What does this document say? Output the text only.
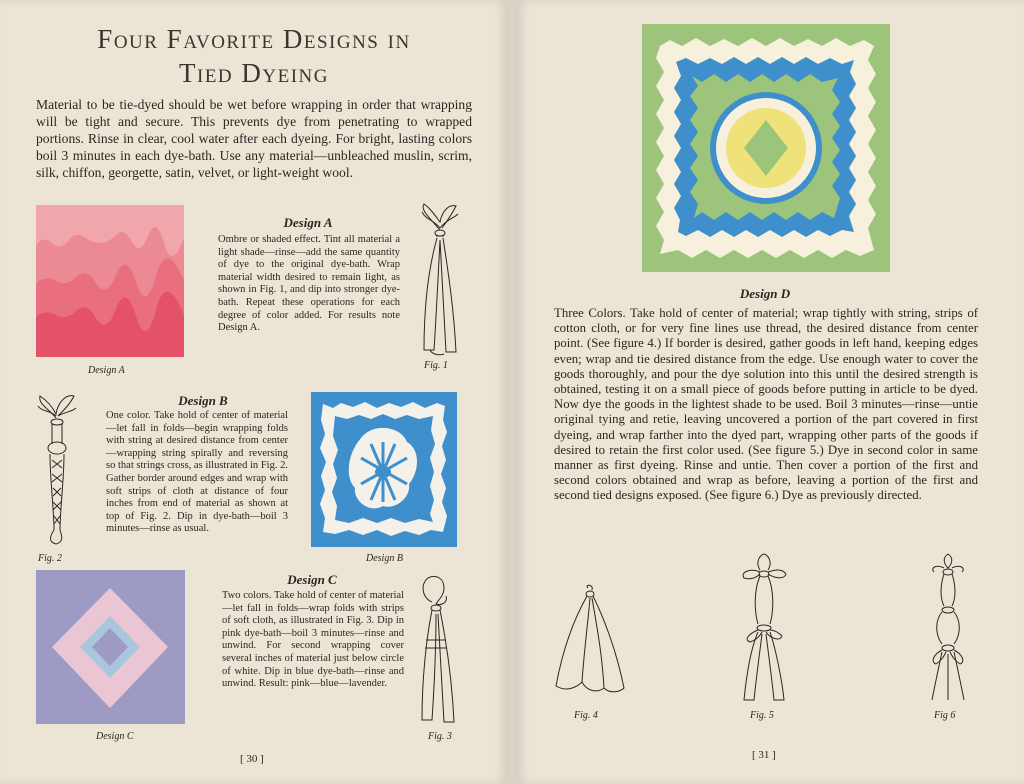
Four Favorite Designs in
Tied Dyeing

Material to be tie-dyed should be wet before wrapping in order that wrapping will be tight and secure. This prevents dye from penetrating to wrapped portions. Rinse in clear, cool water after each dyeing. For bright, lasting colors boil 3 minutes in each dye-bath. Use any material—unbleached muslin, scrim, silk, chiffon, georgette, satin, velvet, or light-weight wool.

Design A
Design A

Ombre or shaded effect. Tint all material a light shade—rinse—add the same quantity of dye to the original dye-bath. Wrap material width desired to remain light, as shown in Fig. 1, and dip into stronger dye-bath. Repeat these operations for each degree of color added. For results note Design A.

Fig. 1
Design B

One color. Take hold of center of material—let fall in folds—begin wrapping folds with string at desired distance from center—wrapping string spirally and reversing so that strings cross, as illustrated in Fig. 2. Gather border around edges and wrap with soft strips of cloth at distance of four inches from end of material as shown at top of Fig. 2. Dip in dye-bath—boil 3 minutes—rinse as usual.

Fig. 2	Design B
Design C
Design C

Two colors. Take hold of center of material—let fall in folds—wrap folds with strips of soft cloth, as illustrated in Fig. 3. Dip in pink dye-bath—boil 3 minutes—rinse and unwind. For second wrapping cover several inches of material just below circle of white. Dip in blue dye-bath—rinse and unwind. Result: pink—blue—lavender.

Fig. 3
[ 30 ]
Design D

Three Colors. Take hold of center of material; wrap tightly with string, strips of cotton cloth, or for very fine lines use thread, the desired distance from center point. (See figure 4.) If border is desired, gather goods in left hand, keeping edges even; wrap and tie desired distance from the edge. Use enough water to cover the goods thoroughly, and pour the dye solution into this until the desired strength is obtained, testing it on a small piece of goods before putting in article to be dyed. Now dye the goods in the lightest shade to be used. Boil 3 minutes—rinse—untie original tying and retie, leaving uncovered a portion of the part covered in first dyeing, and wrap farther into the dyed part, wrapping other parts of the goods if desired to retain the first color used. (See figure 5.) Dye in second color in same manner as first dyeing. Rinse and untie. Then cover a portion of the first and second colors obtained and wrap as before, leaving a portion of the first and second tied designs exposed. (See figure 6.) Dye as previously directed.

Fig. 4	Fig. 5	Fig 6
[ 31 ]
